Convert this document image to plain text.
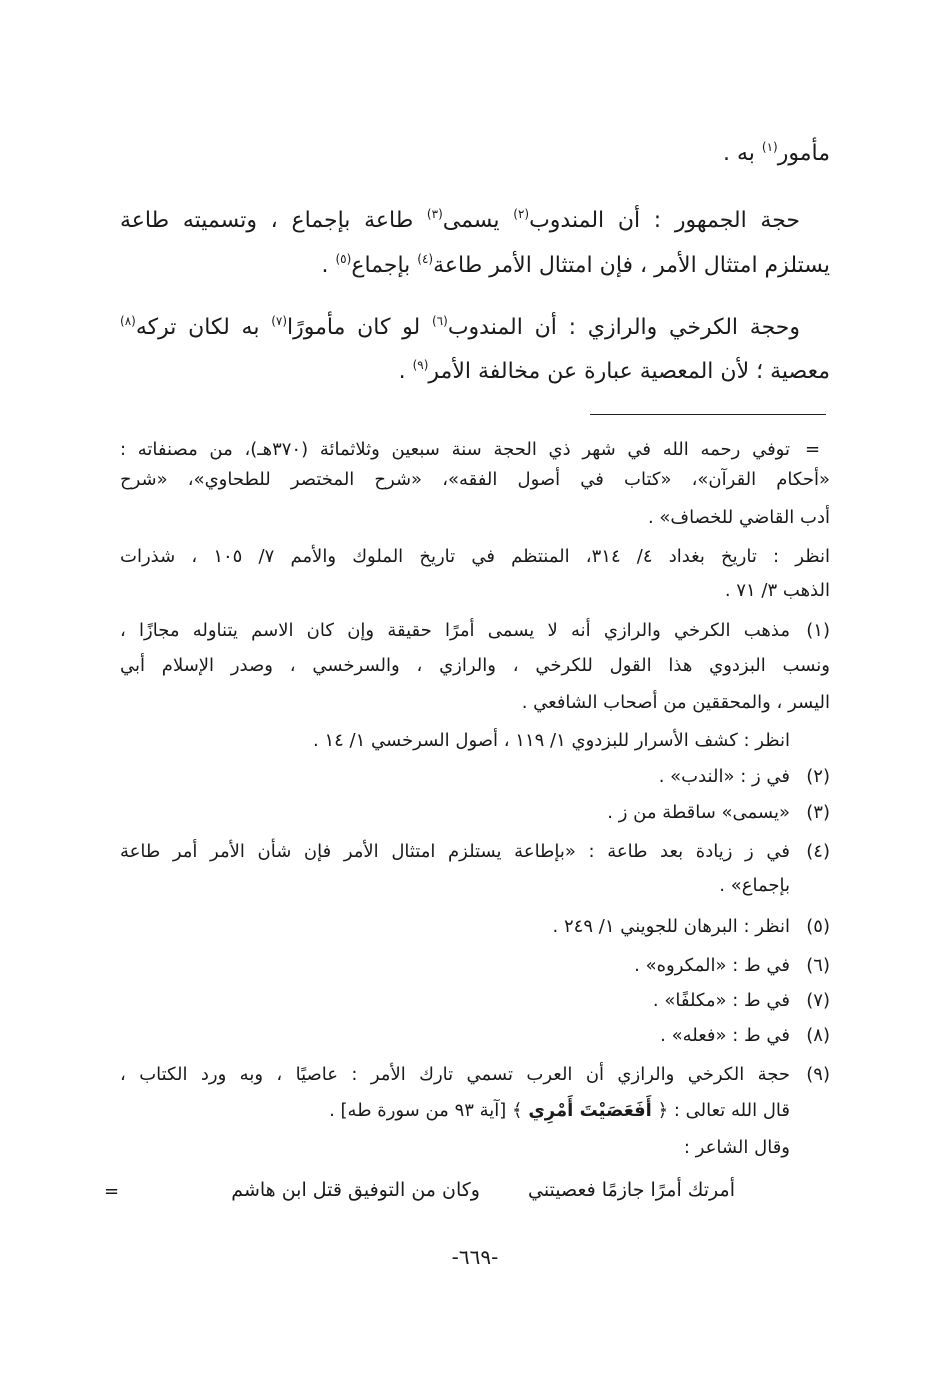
مأمور$^{(١)}$ به .
حجة الجمهور : أن المندوب$^{(٢)}$ يسمى$^{(٣)}$ طاعة بإجماع ، وتسميته طاعة
يستلزم امتثال الأمر ، فإن امتثال الأمر طاعة$^{(٤)}$ بإجماع$^{(٥)}$ .
وحجة الكرخي والرازي : أن المندوب$^{(٦)}$ لو كان مأمورًا$^{(٧)}$ به لكان تركه$^{(٨)}$
معصية ؛ لأن المعصية عبارة عن مخالفة الأمر$^{(٩)}$ .
=
توفي رحمه الله في شهر ذي الحجة سنة سبعين وثلاثمائة (٣٧٠هـ)، من مصنفاته :
«أحكام القرآن»، «كتاب في أصول الفقه»، «شرح المختصر للطحاوي»، «شرح
أدب القاضي للخصاف» .
انظر : تاريخ بغداد ٤/ ٣١٤، المنتظم في تاريخ الملوك والأمم ٧/ ١٠٥ ، شذرات
الذهب ٣/ ٧١ .
(١)
مذهب الكرخي والرازي أنه لا يسمى أمرًا حقيقة وإن كان الاسم يتناوله مجازًا ،
ونسب البزدوي هذا القول للكرخي ، والرازي ، والسرخسي ، وصدر الإسلام أبي
اليسر ، والمحققين من أصحاب الشافعي .
انظر : كشف الأسرار للبزدوي ١/ ١١٩ ، أصول السرخسي ١/ ١٤ .
(٢)
في ز : «الندب» .
(٣)
«يسمى» ساقطة من ز .
(٤)
في ز زيادة بعد طاعة : «بإطاعة يستلزم امتثال الأمر فإن شأن الأمر أمر طاعة
بإجماع» .
(٥)
انظر : البرهان للجويني ١/ ٢٤٩ .
(٦)
في ط : «المكروه» .
(٧)
في ط : «مكلفًا» .
(٨)
في ط : «فعله» .
(٩)
حجة الكرخي والرازي أن العرب تسمي تارك الأمر : عاصيًا ، وبه ورد الكتاب ،
قال الله تعالى : ﴿ أَفَعَصَيْتَ أَمْرِي ﴾ [آية ٩٣ من سورة طه] .
وقال الشاعر :
أمرتك أمرًا جازمًا فعصيتني
وكان من التوفيق قتل ابن هاشم
=
-٦٦٩-
